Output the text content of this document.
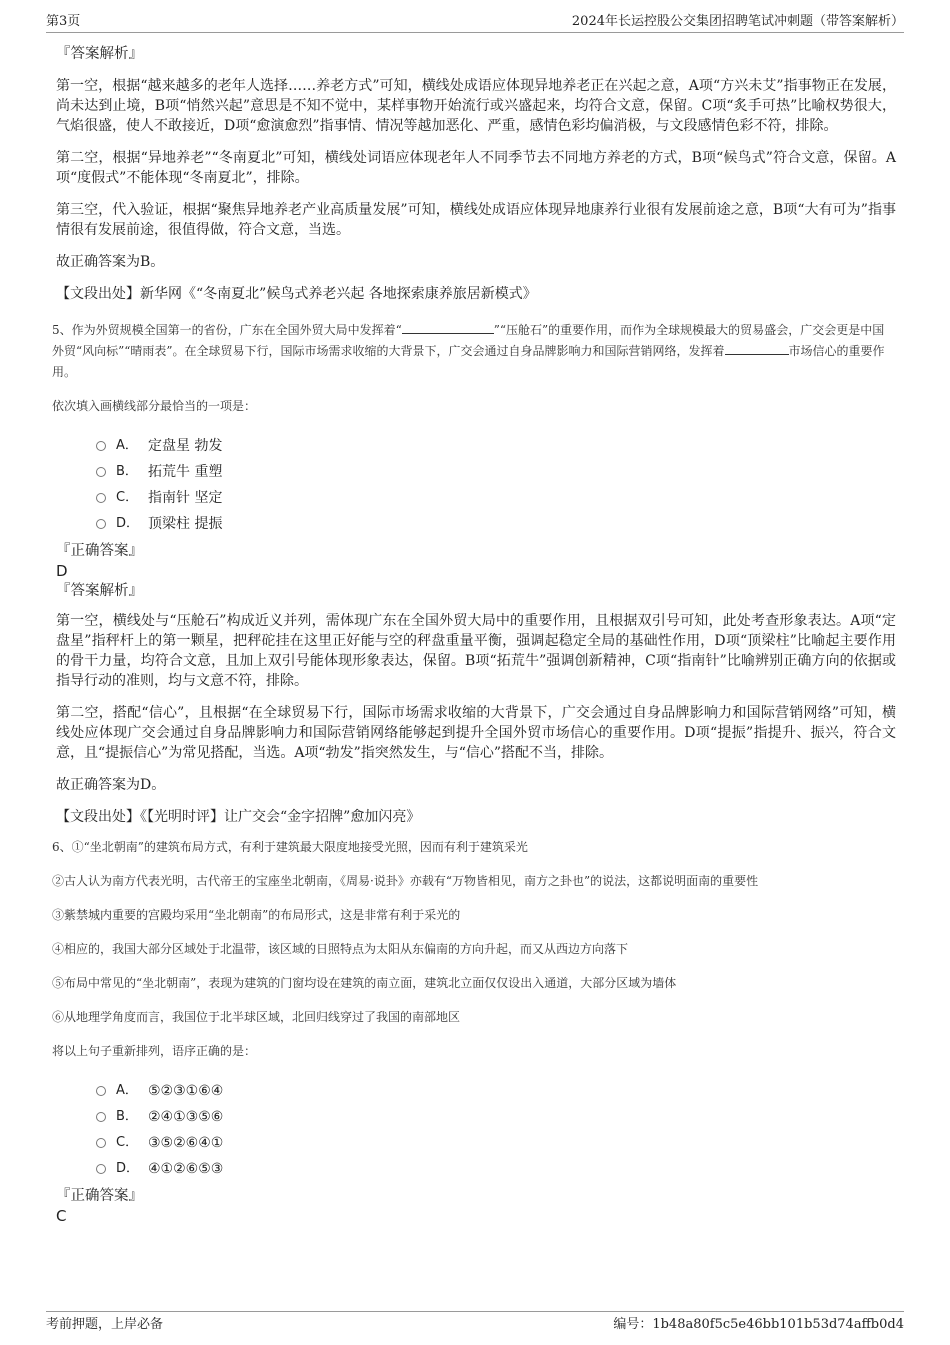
第3页	2024年长运控股公交集团招聘笔试冲刺题（带答案解析）
『答案解析』

第一空，根据“越来越多的老年人选择……养老方式”可知，横线处成语应体现异地养老正在兴起之意，A项“方兴未艾”指事物正在发展，尚未达到止境，B项“悄然兴起”意思是不知不觉中，某样事物开始流行或兴盛起来，均符合文意，保留。C项“炙手可热”比喻权势很大，气焰很盛，使人不敢接近，D项“愈演愈烈”指事情、情况等越加恶化、严重，感情色彩均偏消极，与文段感情色彩不符，排除。

第二空，根据“异地养老”“冬南夏北”可知，横线处词语应体现老年人不同季节去不同地方养老的方式，B项“候鸟式”符合文意，保留。A项“度假式”不能体现“冬南夏北”，排除。

第三空，代入验证，根据“聚焦异地养老产业高质量发展”可知，横线处成语应体现异地康养行业很有发展前途之意，B项“大有可为”指事情很有发展前途，很值得做，符合文意，当选。

故正确答案为B。

【文段出处】新华网《“冬南夏北”候鸟式养老兴起 各地探索康养旅居新模式》

5、作为外贸规模全国第一的省份，广东在全国外贸大局中发挥着“	”“压舱石”的重要作用，而作为全球规模最大的贸易盛会，广交会更是中国外贸“风向标”“晴雨表”。在全球贸易下行，国际市场需求收缩的大背景下，广交会通过自身品牌影响力和国际营销网络，发挥着	市场信心的重要作用。

依次填入画横线部分最恰当的一项是：

A． 定盘星 勃发
B． 拓荒牛 重塑
C． 指南针 坚定
D． 顶梁柱 提振
『正确答案』
D
『答案解析』

第一空，横线处与“压舱石”构成近义并列，需体现广东在全国外贸大局中的重要作用，且根据双引号可知，此处考查形象表达。A项“定盘星”指秤杆上的第一颗星，把秤砣挂在这里正好能与空的秤盘重量平衡，强调起稳定全局的基础性作用，D项“顶梁柱”比喻起主要作用的骨干力量，均符合文意，且加上双引号能体现形象表达，保留。B项“拓荒牛”强调创新精神，C项“指南针”比喻辨别正确方向的依据或指导行动的准则，均与文意不符，排除。

第二空，搭配“信心”，且根据“在全球贸易下行，国际市场需求收缩的大背景下，广交会通过自身品牌影响力和国际营销网络”可知，横线处应体现广交会通过自身品牌影响力和国际营销网络能够起到提升全国外贸市场信心的重要作用。D项“提振”指提升、振兴，符合文意，且“提振信心”为常见搭配，当选。A项“勃发”指突然发生，与“信心”搭配不当，排除。

故正确答案为D。

【文段出处】《【光明时评】让广交会“金字招牌”愈加闪亮》

6、①“坐北朝南”的建筑布局方式，有利于建筑最大限度地接受光照，因而有利于建筑采光

②古人认为南方代表光明，古代帝王的宝座坐北朝南，《周易·说卦》亦载有“万物皆相见，南方之卦也”的说法，这都说明面南的重要性

③紫禁城内重要的宫殿均采用“坐北朝南”的布局形式，这是非常有利于采光的

④相应的，我国大部分区域处于北温带，该区域的日照特点为太阳从东偏南的方向升起，而又从西边方向落下

⑤布局中常见的“坐北朝南”，表现为建筑的门窗均设在建筑的南立面，建筑北立面仅仅设出入通道，大部分区域为墙体

⑥从地理学角度而言，我国位于北半球区域，北回归线穿过了我国的南部地区

将以上句子重新排列，语序正确的是：

A． ⑤②③①⑥④
B． ②④①③⑤⑥
C． ③⑤②⑥④①
D． ④①②⑥⑤③
『正确答案』
C
考前押题，上岸必备	编号：1b48a80f5c5e46bb101b53d74affb0d4
